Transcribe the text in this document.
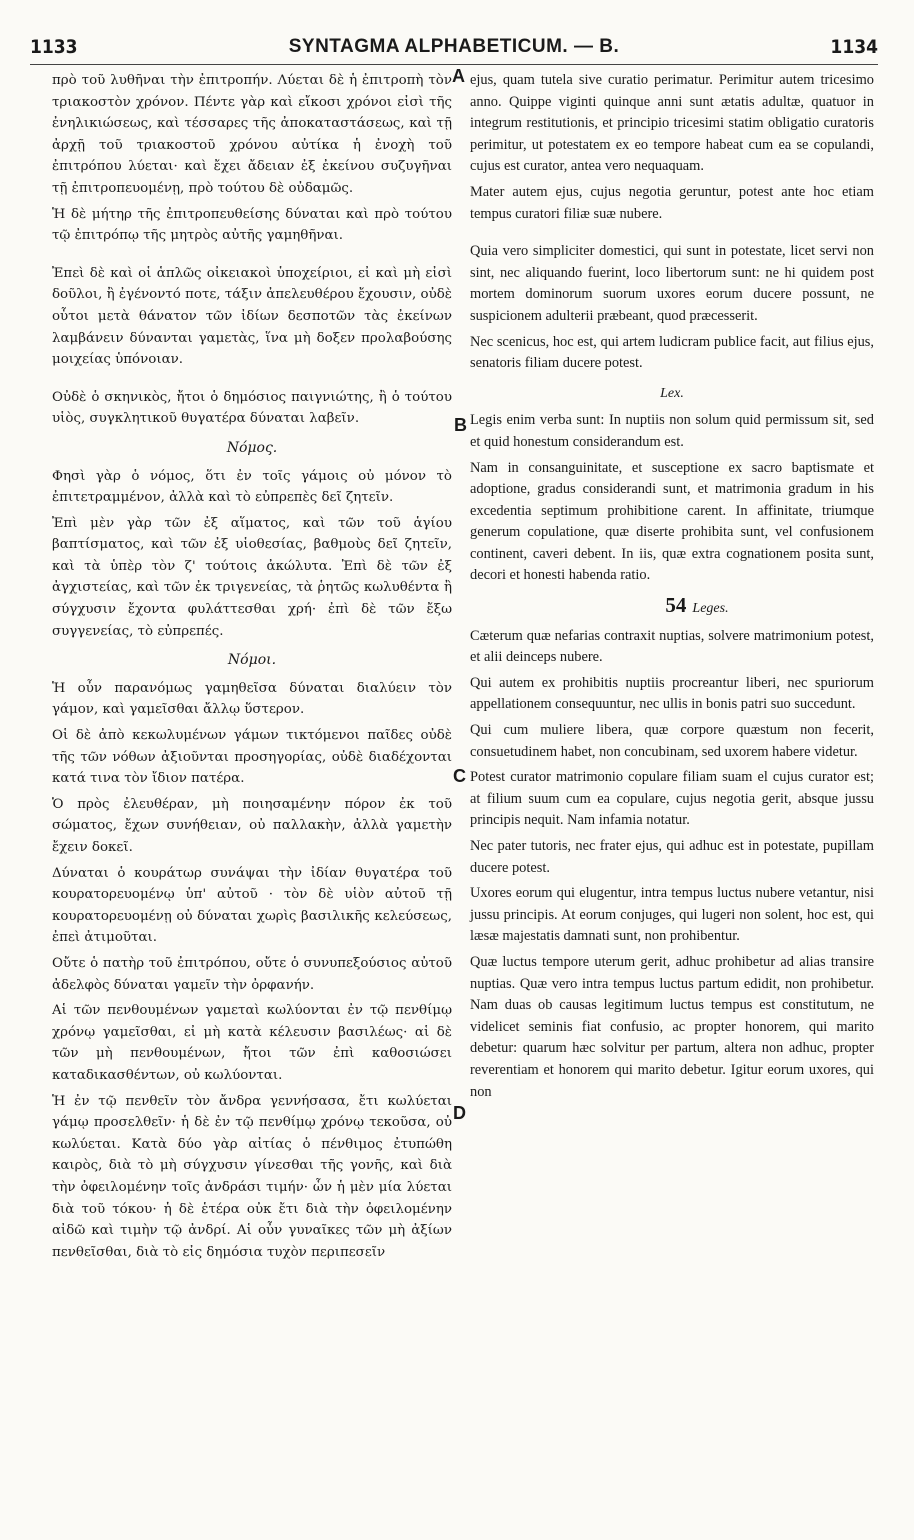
1133	SYNTAGMA ALPHABETICUM. — B.	1134
A
B
C
D

πρὸ τοῦ λυθῆναι τὴν ἐπιτροπήν. Λύεται δὲ ἡ ἐπιτροπὴ τὸν τριακοστὸν χρόνον. Πέντε γὰρ καὶ εἴκοσι χρόνοι εἰσὶ τῆς ἐνηλικιώσεως, καὶ τέσσαρες τῆς ἀποκαταστάσεως, καὶ τῇ ἀρχῇ τοῦ τριακοστοῦ χρόνου αὐτίκα ἡ ἐνοχὴ τοῦ ἐπιτρόπου λύεται· καὶ ἔχει ἄδειαν ἐξ ἐκείνου συζυγῆναι τῇ ἐπιτροπευομένῃ, πρὸ τούτου δὲ οὐδαμῶς.

Ἡ δὲ μήτηρ τῆς ἐπιτροπευθείσης δύναται καὶ πρὸ τούτου τῷ ἐπιτρόπῳ τῆς μητρὸς αὐτῆς γαμηθῆναι.

Ἐπεὶ δὲ καὶ οἱ ἁπλῶς οἰκειακοὶ ὑποχείριοι, εἰ καὶ μὴ εἰσὶ δοῦλοι, ἢ ἐγένοντό ποτε, τάξιν ἀπελευθέρου ἔχουσιν, οὐδὲ οὗτοι μετὰ θάνατον τῶν ἰδίων δεσποτῶν τὰς ἐκείνων λαμβάνειν δύνανται γαμετὰς, ἵνα μὴ δοξεν προλαβούσης μοιχείας ὑπόνοιαν.

Οὐδὲ ὁ σκηνικὸς, ἤτοι ὁ δημόσιος παιγνιώτης, ἢ ὁ τούτου υἱὸς, συγκλητικοῦ θυγατέρα δύναται λαβεῖν.

Νόμος.

Φησὶ γὰρ ὁ νόμος, ὅτι ἐν τοῖς γάμοις οὐ μόνον τὸ ἐπιτετραμμένον, ἀλλὰ καὶ τὸ εὐπρεπὲς δεῖ ζητεῖν.

Ἐπὶ μὲν γὰρ τῶν ἐξ αἵματος, καὶ τῶν τοῦ ἁγίου βαπτίσματος, καὶ τῶν ἐξ υἱοθεσίας, βαθμοὺς δεῖ ζητεῖν, καὶ τὰ ὑπὲρ τὸν ζ' τούτοις ἀκώλυτα. Ἐπὶ δὲ τῶν ἐξ ἀγχιστείας, καὶ τῶν ἐκ τριγενείας, τὰ ῥητῶς κωλυθέντα ἢ σύγχυσιν ἔχοντα φυλάττεσθαι χρή· ἐπὶ δὲ τῶν ἔξω συγγενείας, τὸ εὐπρεπές.

Νόμοι.

Ἡ οὖν παρανόμως γαμηθεῖσα δύναται διαλύειν τὸν γάμον, καὶ γαμεῖσθαι ἄλλῳ ὕστερον.

Οἱ δὲ ἀπὸ κεκωλυμένων γάμων τικτόμενοι παῖδες οὐδὲ τῆς τῶν νόθων ἀξιοῦνται προσηγορίας, οὐδὲ διαδέχονται κατά τινα τὸν ἴδιον πατέρα.

Ὁ πρὸς ἐλευθέραν, μὴ ποιησαμένην πόρον ἐκ τοῦ σώματος, ἔχων συνήθειαν, οὐ παλλακὴν, ἀλλὰ γαμετὴν ἔχειν δοκεῖ.

Δύναται ὁ κουράτωρ συνάψαι τὴν ἰδίαν θυγατέρα τοῦ κουρατορευομένῳ ὑπ' αὐτοῦ · τὸν δὲ υἱὸν αὐτοῦ τῇ κουρατορευομένῃ οὐ δύναται χωρὶς βασιλικῆς κελεύσεως, ἐπεὶ ἀτιμοῦται.

Οὔτε ὁ πατὴρ τοῦ ἐπιτρόπου, οὔτε ὁ συνυπεξούσιος αὐτοῦ ἀδελφὸς δύναται γαμεῖν τὴν ὀρφανήν.

Αἱ τῶν πενθουμένων γαμεταὶ κωλύονται ἐν τῷ πενθίμῳ χρόνῳ γαμεῖσθαι, εἰ μὴ κατὰ κέλευσιν βασιλέως· αἱ δὲ τῶν μὴ πενθουμένων, ἤτοι τῶν ἐπὶ καθοσιώσει καταδικασθέντων, οὐ κωλύονται.

Ἡ ἐν τῷ πενθεῖν τὸν ἄνδρα γεννήσασα, ἔτι κωλύεται γάμῳ προσελθεῖν· ἡ δὲ ἐν τῷ πενθίμῳ χρόνῳ τεκοῦσα, οὐ κωλύεται. Κατὰ δύο γὰρ αἰτίας ὁ πένθιμος ἐτυπώθη καιρὸς, διὰ τὸ μὴ σύγχυσιν γίνεσθαι τῆς γονῆς, καὶ διὰ τὴν ὀφειλομένην τοῖς ἀνδράσι τιμήν· ὧν ἡ μὲν μία λύεται διὰ τοῦ τόκου· ἡ δὲ ἑτέρα οὐκ ἔτι διὰ τὴν ὀφειλομένην αἰδῶ καὶ τιμὴν τῷ ἀνδρί. Αἱ οὖν γυναῖκες τῶν μὴ ἀξίων πενθεῖσθαι, διὰ τὸ εἰς δημόσια τυχὸν περιπεσεῖν

ejus, quam tutela sive curatio perimatur. Perimitur autem tricesimo anno. Quippe viginti quinque anni sunt ætatis adultæ, quatuor in integrum restitutionis, et principio tricesimi statim obligatio curatoris perimitur, ut potestatem ex eo tempore habeat cum ea se copulandi, cujus est curator, antea vero nequaquam.

Mater autem ejus, cujus negotia geruntur, potest ante hoc etiam tempus curatori filiæ suæ nubere.

Quia vero simpliciter domestici, qui sunt in potestate, licet servi non sint, nec aliquando fuerint, loco libertorum sunt: ne hi quidem post mortem dominorum suorum uxores eorum ducere possunt, ne suspicionem adulterii præbeant, quod præcesserit.

Nec scenicus, hoc est, qui artem ludicram publice facit, aut filius ejus, senatoris filiam ducere potest.

Lex.

Legis enim verba sunt: In nuptiis non solum quid permissum sit, sed et quid honestum considerandum est.

Nam in consanguinitate, et susceptione ex sacro baptismate et adoptione, gradus considerandi sunt, et matrimonia gradum in his excedentia septimum prohibitione carent. In affinitate, triumque generum copulatione, quæ diserte prohibita sunt, vel confusionem continent, caveri debent. In iis, quæ extra cognationem posita sunt, decori et honesti habenda ratio.

54 Leges.

Cæterum quæ nefarias contraxit nuptias, solvere matrimonium potest, et alii deinceps nubere.

Qui autem ex prohibitis nuptiis procreantur liberi, nec spuriorum appellationem consequuntur, nec ullis in bonis patri suo succedunt.

Qui cum muliere libera, quæ corpore quæstum non fecerit, consuetudinem habet, non concubinam, sed uxorem habere videtur.

Potest curator matrimonio copulare filiam suam el cujus curator est; at filium suum cum ea copulare, cujus negotia gerit, absque jussu principis nequit. Nam infamia notatur.

Nec pater tutoris, nec frater ejus, qui adhuc est in potestate, pupillam ducere potest.

Uxores eorum qui elugentur, intra tempus luctus nubere vetantur, nisi jussu principis. At eorum conjuges, qui lugeri non solent, hoc est, qui læsæ majestatis damnati sunt, non prohibentur.

Quæ luctus tempore uterum gerit, adhuc prohibetur ad alias transire nuptias. Quæ vero intra tempus luctus partum edidit, non prohibetur. Nam duas ob causas legitimum luctus tempus est constitutum, ne videlicet seminis fiat confusio, ac propter honorem, qui marito debetur: quarum hæc solvitur per partum, altera non adhuc, propter reverentiam et honorem qui marito debetur. Igitur eorum uxores, qui non
